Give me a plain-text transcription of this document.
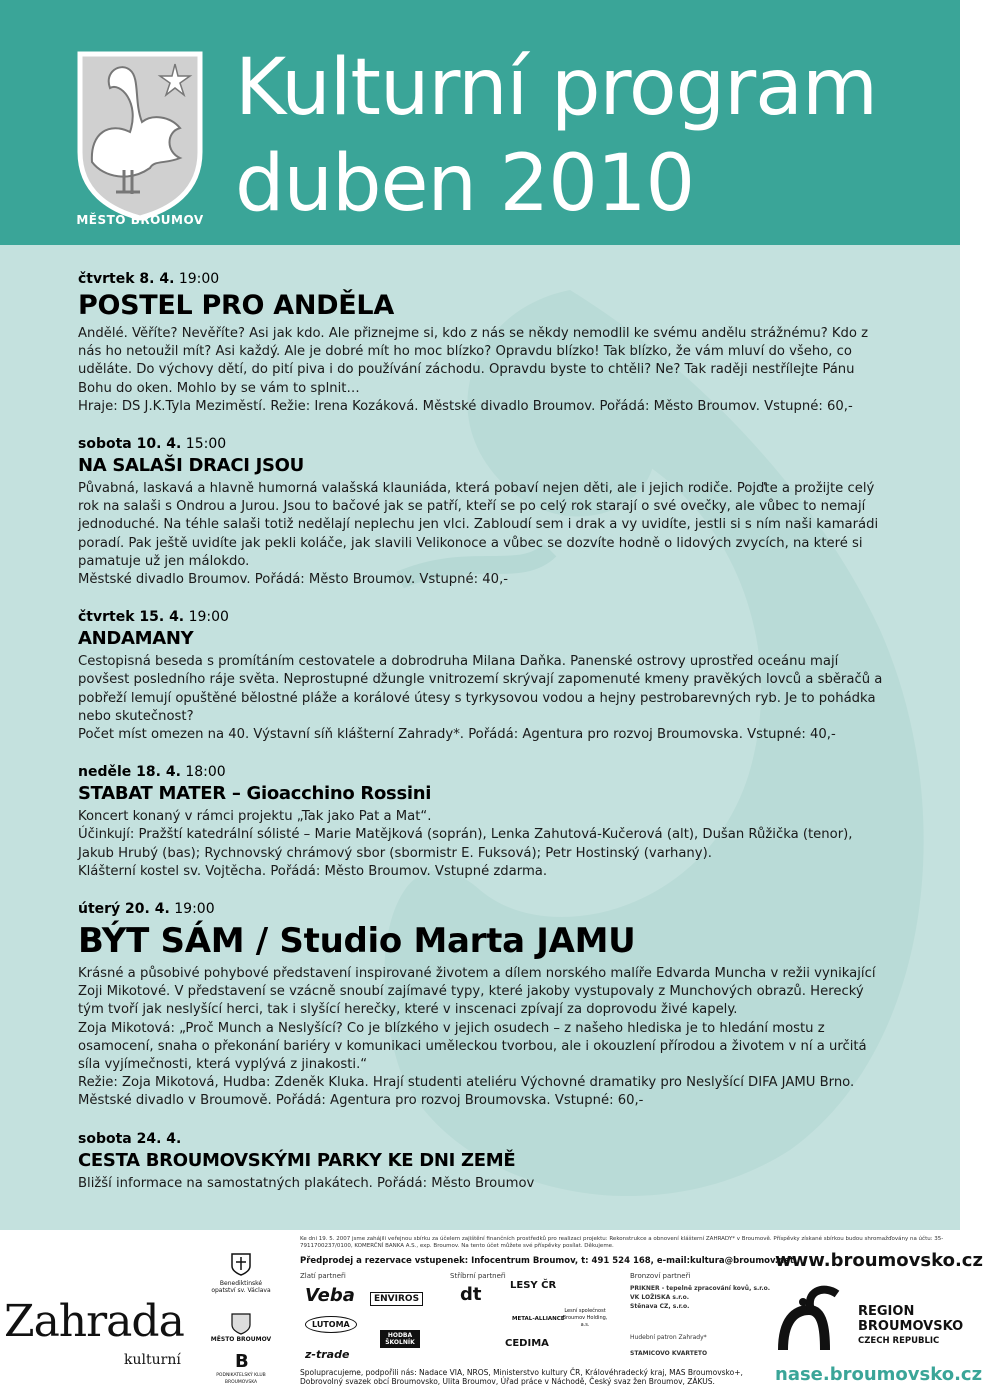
MĚSTO BROUMOV
Kulturní program
duben 2010
čtvrtek 8. 4. 19:00
POSTEL PRO ANDĚLA

Andělé. Věříte? Nevěříte? Asi jak kdo. Ale přiznejme si, kdo z nás se někdy nemodlil ke svému andělu strážnému? Kdo z nás ho netoužil mít? Asi každý. Ale je dobré mít ho moc blízko? Opravdu blízko! Tak blízko, že vám mluví do všeho, co uděláte. Do výchovy dětí, do pití piva i do používání záchodu. Opravdu byste to chtěli? Ne? Tak raději nestřílejte Pánu Bohu do oken. Mohlo by se vám to splnit…

Hraje: DS J.K.Tyla Meziměstí. Režie: Irena Kozáková. Městské divadlo Broumov. Pořádá: Město Broumov. Vstupné: 60,-

sobota 10. 4. 15:00
NA SALAŠI DRACI JSOU

Půvabná, laskavá a hlavně humorná valašská klauniáda, která pobaví nejen děti, ale i jejich rodiče. Pojďte a prožijte celý rok na salaši s Ondrou a Jurou. Jsou to bačové jak se patří, kteří se po celý rok starají o své ovečky, ale vůbec to nemají jednoduché. Na téhle salaši totiž nedělají neplechu jen vlci. Zabloudí sem i drak a vy uvidíte, jestli si s ním naši kamarádi poradí. Pak ještě uvidíte jak pekli koláče, jak slavili Velikonoce a vůbec se dozvíte hodně o lidových zvycích, na které si pamatuje už jen málokdo.

Městské divadlo Broumov. Pořádá: Město Broumov. Vstupné: 40,-

čtvrtek 15. 4. 19:00
ANDAMANY

Cestopisná beseda s promítáním cestovatele a dobrodruha Milana Daňka. Panenské ostrovy uprostřed oceánu mají povšest posledního ráje světa. Neprostupné džungle vnitrozemí skrývají zapomenuté kmeny pravěkých lovců a sběračů a pobřeží lemují opuštěné bělostné pláže a korálové útesy s tyrkysovou vodou a hejny pestrobarevných ryb. Je to pohádka nebo skutečnost?

Počet míst omezen na 40. Výstavní síň klášterní Zahrady*. Pořádá: Agentura pro rozvoj Broumovska. Vstupné: 40,-

neděle 18. 4. 18:00
STABAT MATER – Gioacchino Rossini

Koncert konaný v rámci projektu „Tak jako Pat a Mat“.

Účinkují: Pražští katedrální sólisté – Marie Matějková (soprán), Lenka Zahutová-Kučerová (alt), Dušan Růžička (tenor), Jakub Hrubý (bas); Rychnovský chrámový sbor (sbormistr E. Fuksová); Petr Hostinský (varhany).

Klášterní kostel sv. Vojtěcha. Pořádá: Město Broumov. Vstupné zdarma.

úterý 20. 4. 19:00
BÝT SÁM / Studio Marta JAMU

Krásné a působivé pohybové představení inspirované životem a dílem norského malíře Edvarda Muncha v režii vynikající Zoji Mikotové. V představení se vzácně snoubí zajímavé typy, které jakoby vystupovaly z Munchových obrazů. Herecký tým tvoří jak neslyšící herci, tak i slyšící herečky, které v inscenaci zpívají za doprovodu živé kapely.

Zoja Mikotová: „Proč Munch a Neslyšící? Co je blízkého v jejich osudech – z našeho hlediska je to hledání mostu z osamocení, snaha o překonání bariéry v komunikaci uměleckou tvorbou, ale i okouzlení přírodou a životem v ní a určitá síla vyjímečnosti, která vyplývá z jinakosti.“

Režie: Zoja Mikotová, Hudba: Zdeněk Kluka. Hrají studenti ateliéru Výchovné dramatiky pro Neslyšící DIFA JAMU Brno. Městské divadlo v Broumově. Pořádá: Agentura pro rozvoj Broumovska. Vstupné: 60,-

sobota 24. 4.
CESTA BROUMOVSKÝMI PARKY KE DNI ZEMĚ

Bližší informace na samostatných plakátech. Pořádá: Město Broumov

Zahrada
kulturní
Benediktinské opatství sv. Václava
MĚSTO BROUMOV
B
PODNIKATELSKÝ KLUB BROUMOVSKA
Ke dni 19. 5. 2007 jsme zahájili veřejnou sbírku za účelem zajištění finančních prostředků pro realizaci projektu: Rekonstrukce a obnovení klášterní ZAHRADY* v Broumově. Příspěvky získané sbírkou budou shromažďovány na účtu: 35-7911700237/0100, KOMERČNÍ BANKA A.S., exp. Broumov. Na tento účet můžete své příspěvky posílat. Děkujeme.
Předprodej a rezervace vstupenek: Infocentrum Broumov, t: 491 524 168, e-mail:kultura@broumov.net
Zlatí partneři	Stříbrní partneři	Bronzoví partneři
Veba	ENVIROS
LUTOMA
HODBA ŠKOLNÍK
z-trade
dt	LESY ČR
METAL-ALLIANCE
CEDIMA
Lesní společnost Broumov Holding, a.s.
PRIKNER - tepelně zpracování kovů, s.r.o.
VK LOŽISKA s.r.o.
Stěnava CZ, s.r.o.
Hudební patron Zahrady*
STAMICOVO KVARTETO
Spolupracujeme, podpořili nás: Nadace VIA, NROS, Ministerstvo kultury ČR, Královéhradecký kraj, MAS Broumovsko+, Dobrovolný svazek obcí Broumovsko, Ulita Broumov, Úřad práce v Náchodě, Český svaz žen Broumov, ZÁKUS.
www.broumovsko.cz
REGION
BROUMOVSKO
CZECH REPUBLIC
nase.broumovsko.cz
